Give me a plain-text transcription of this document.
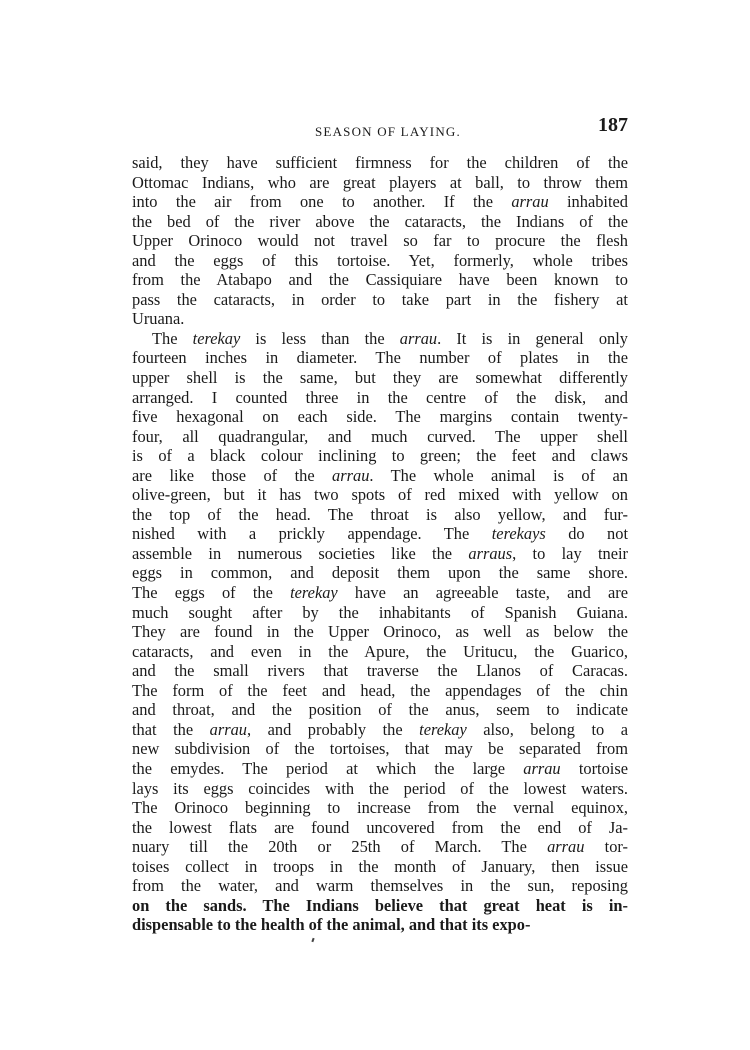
SEASON OF LAYING.	187
said, they have sufficient firmness for the children of the
Ottomac Indians, who are great players at ball, to throw them
into the air from one to another. If the arrau inhabited
the bed of the river above the cataracts, the Indians of the
Upper Orinoco would not travel so far to procure the flesh
and the eggs of this tortoise. Yet, formerly, whole tribes
from the Atabapo and the Cassiquiare have been known to
pass the cataracts, in order to take part in the fishery at
Uruana.
The terekay is less than the arrau. It is in general only
fourteen inches in diameter. The number of plates in the
upper shell is the same, but they are somewhat differently
arranged. I counted three in the centre of the disk, and
five hexagonal on each side. The margins contain twenty-
four, all quadrangular, and much curved. The upper shell
is of a black colour inclining to green; the feet and claws
are like those of the arrau. The whole animal is of an
olive-green, but it has two spots of red mixed with yellow on
the top of the head. The throat is also yellow, and fur-
nished with a prickly appendage. The terekays do not
assemble in numerous societies like the arraus, to lay tneir
eggs in common, and deposit them upon the same shore.
The eggs of the terekay have an agreeable taste, and are
much sought after by the inhabitants of Spanish Guiana.
They are found in the Upper Orinoco, as well as below the
cataracts, and even in the Apure, the Uritucu, the Guarico,
and the small rivers that traverse the Llanos of Caracas.
The form of the feet and head, the appendages of the chin
and throat, and the position of the anus, seem to indicate
that the arrau, and probably the terekay also, belong to a
new subdivision of the tortoises, that may be separated from
the emydes. The period at which the large arrau tortoise
lays its eggs coincides with the period of the lowest waters.
The Orinoco beginning to increase from the vernal equinox,
the lowest flats are found uncovered from the end of Ja-
nuary till the 20th or 25th of March. The arrau tor-
toises collect in troops in the month of January, then issue
from the water, and warm themselves in the sun, reposing
on the sands. The Indians believe that great heat is in-
dispensable to the health of the animal, and that its expo-
